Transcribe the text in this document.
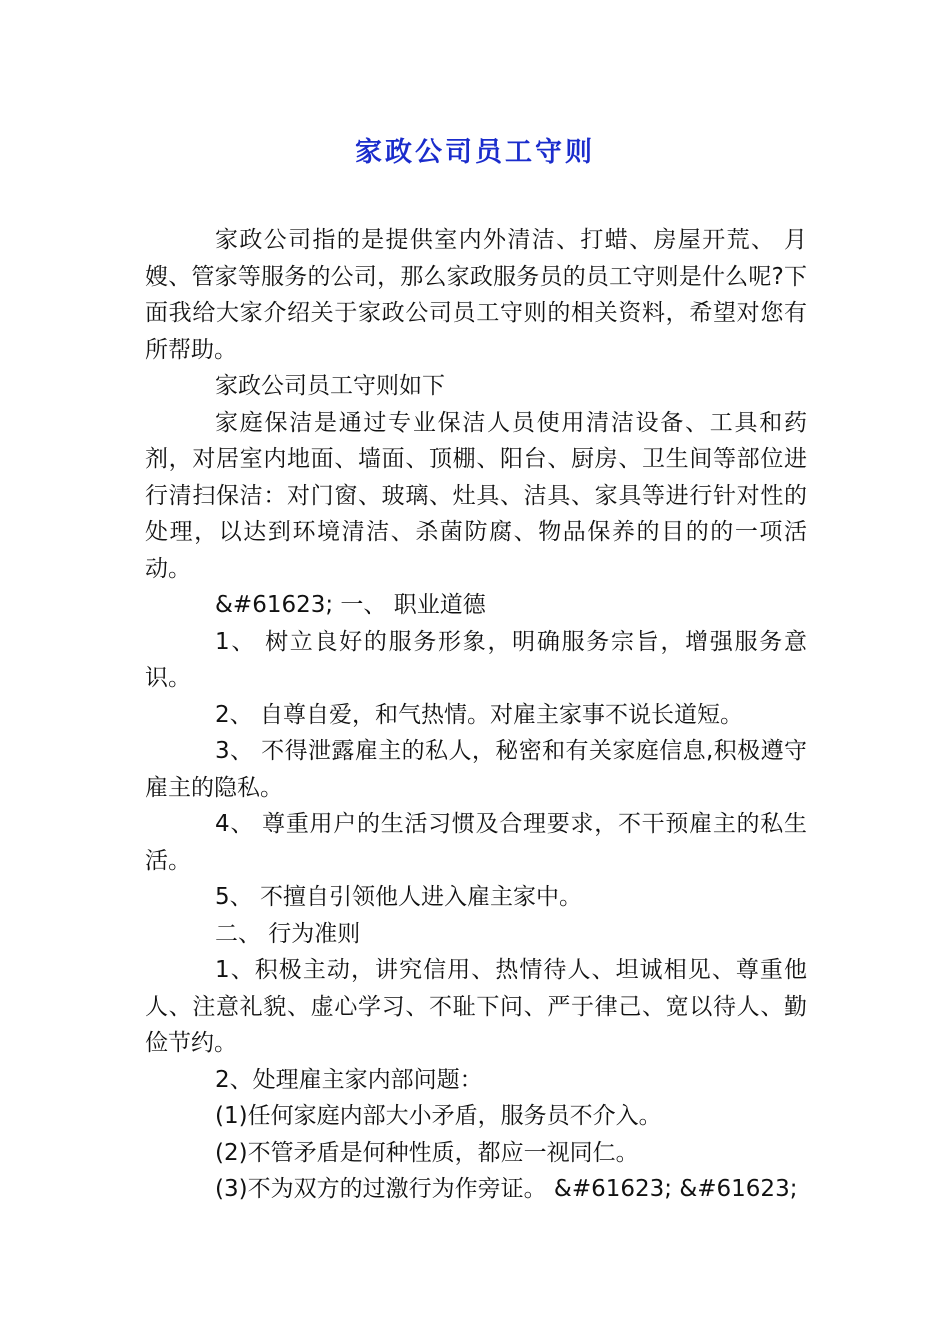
家政公司员工守则

家政公司指的是提供室内外清洁、打蜡、房屋开荒、 月嫂、管家等服务的公司，那么家政服务员的员工守则是什么呢?下面我给大家介绍关于家政公司员工守则的相关资料，希望对您有所帮助。

家政公司员工守则如下

家庭保洁是通过专业保洁人员使用清洁设备、工具和药剂，对居室内地面、墙面、顶棚、阳台、厨房、卫生间等部位进行清扫保洁：对门窗、玻璃、灶具、洁具、家具等进行针对性的处理，以达到环境清洁、杀菌防腐、物品保养的目的的一项活动。

&#61623; 一、 职业道德

1、 树立良好的服务形象，明确服务宗旨，增强服务意识。

2、 自尊自爱，和气热情。对雇主家事不说长道短。

3、 不得泄露雇主的私人，秘密和有关家庭信息,积极遵守雇主的隐私。

4、 尊重用户的生活习惯及合理要求，不干预雇主的私生活。

5、 不擅自引领他人进入雇主家中。

二、 行为准则

1、积极主动，讲究信用、热情待人、坦诚相见、尊重他人、注意礼貌、虚心学习、不耻下问、严于律己、宽以待人、勤俭节约。

2、处理雇主家内部问题：

(1)任何家庭内部大小矛盾，服务员不介入。

(2)不管矛盾是何种性质，都应一视同仁。

(3)不为双方的过激行为作旁证。 &#61623; &#61623;
